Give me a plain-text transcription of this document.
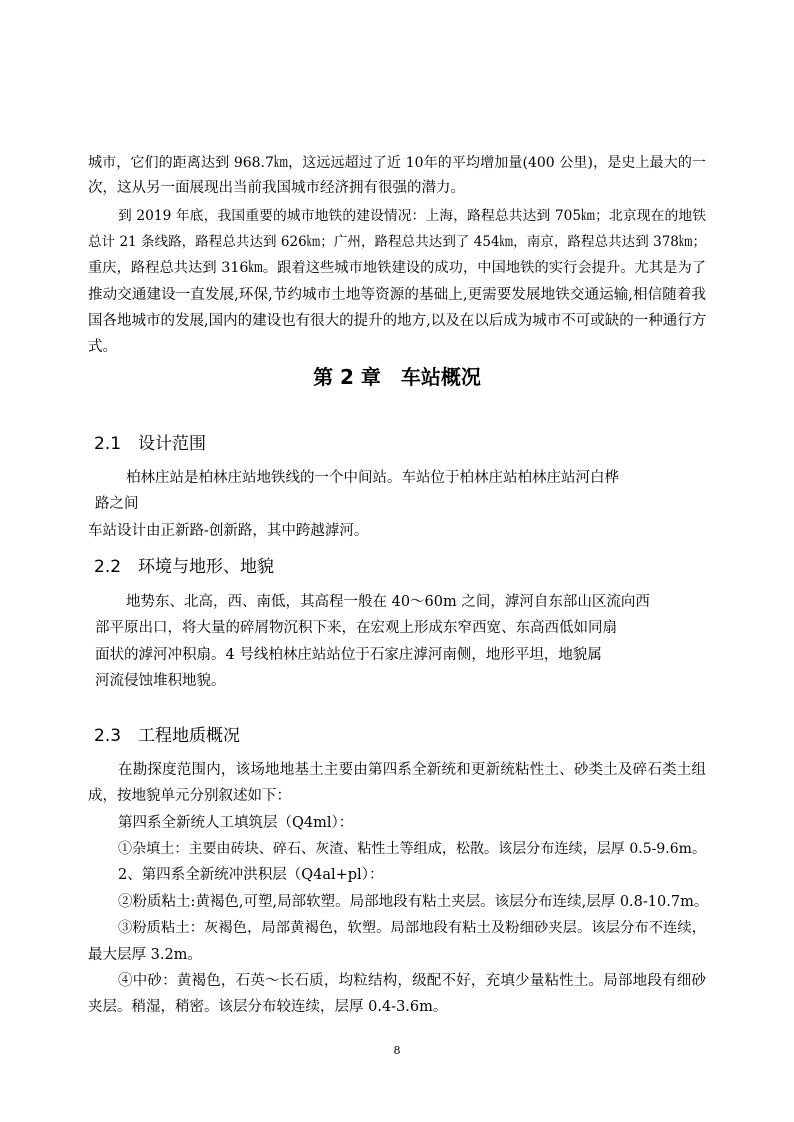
城市，它们的距离达到 968.7㎞，这远远超过了近 10年的平均增加量(400 公里)，是史上最大的一
次，这从另一面展现出当前我国城市经济拥有很强的潜力。
到 2019 年底，我国重要的城市地铁的建设情况：上海，路程总共达到 705㎞；北京现在的地铁
总计 21 条线路，路程总共达到 626㎞；广州，路程总共达到了 454㎞，南京，路程总共达到 378㎞；
重庆，路程总共达到 316㎞。跟着这些城市地铁建设的成功，中国地铁的实行会提升。尤其是为了
推动交通建设一直发展,环保,节约城市土地等资源的基础上,更需要发展地铁交通运输,相信随着我
国各地城市的发展,国内的建设也有很大的提升的地方,以及在以后成为城市不可或缺的一种通行方
式。
第 2 章　车站概况
2.1　设计范围
柏林庄站是柏林庄站地铁线的一个中间站。车站位于柏林庄站柏林庄站河白桦
路之间
车站设计由正新路-创新路，其中跨越滹河。
2.2　环境与地形、地貌
地势东、北高，西、南低，其高程一般在 40～60m 之间，滹河自东部山区流向西
部平原出口，将大量的碎屑物沉积下来，在宏观上形成东窄西宽、东高西低如同扇
面状的滹河冲积扇。4 号线柏林庄站站位于石家庄滹河南侧，地形平坦，地貌属
河流侵蚀堆积地貌。
2.3　工程地质概况
在勘探度范围内，该场地地基土主要由第四系全新统和更新统粘性土、砂类土及碎石类土组
成，按地貌单元分别叙述如下：
第四系全新统人工填筑层（Q4ml）：
①杂填土：主要由砖块、碎石、灰渣、粘性土等组成，松散。该层分布连续，层厚 0.5-9.6m。
2、第四系全新统冲洪积层（Q4al+pl）：
②粉质粘土:黄褐色,可塑,局部软塑。局部地段有粘土夹层。该层分布连续,层厚 0.8-10.7m。
③粉质粘土：灰褐色，局部黄褐色，软塑。局部地段有粘土及粉细砂夹层。该层分布不连续，
最大层厚 3.2m。
④中砂：黄褐色，石英～长石质，均粒结构，级配不好，充填少量粘性土。局部地段有细砂
夹层。稍湿，稍密。该层分布较连续，层厚 0.4-3.6m。
8
